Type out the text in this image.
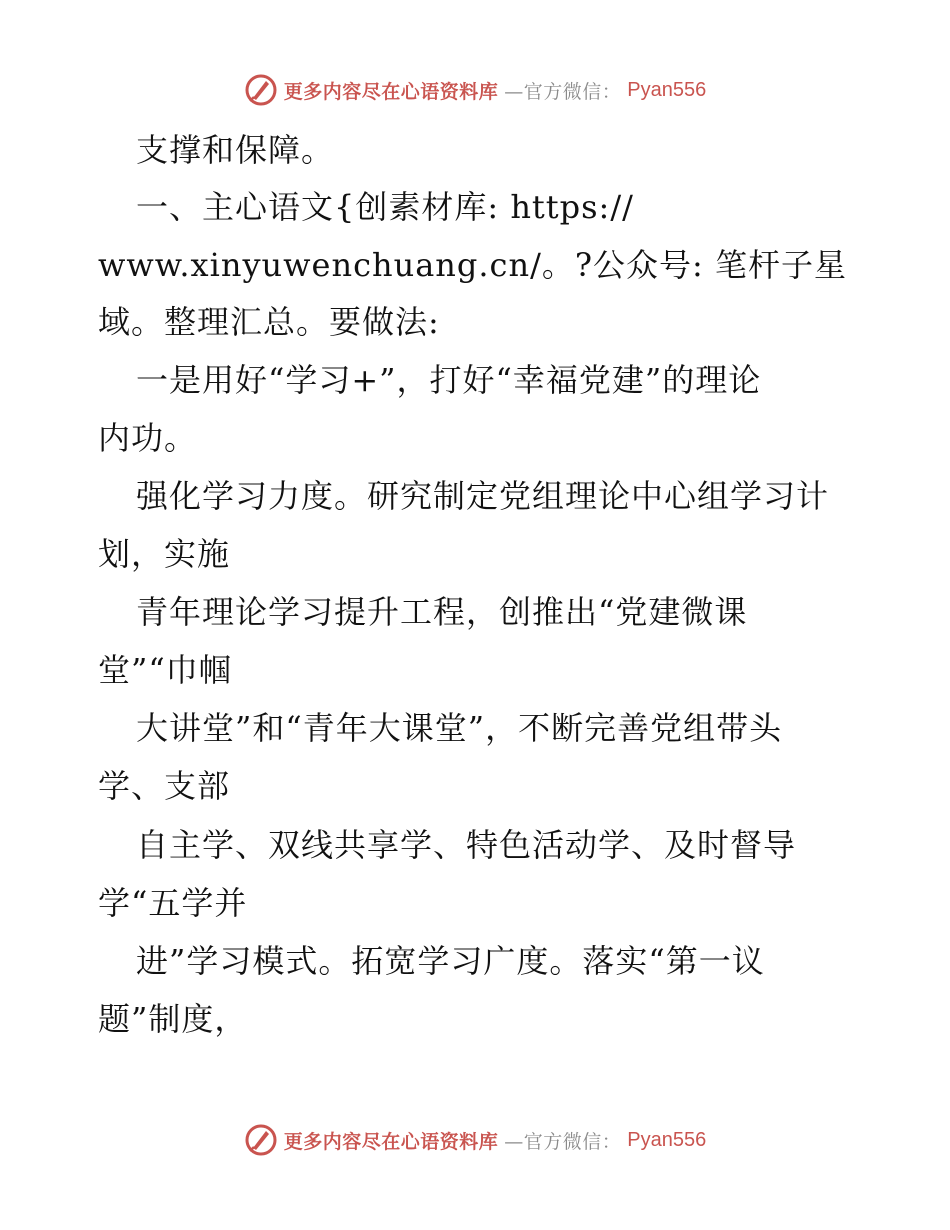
更多内容尽在心语资料库 —官方微信： Pyan556
支撑和保障。
一、主心语文{创素材库: https://
www.xinyuwenchuang.cn/。?公众号: 笔杆子星
域。整理汇总。要做法:
一是用好“学习+”，打好“幸福党建”的理论
内功。
强化学习力度。研究制定党组理论中心组学习计
划，实施
青年理论学习提升工程，创推出“党建微课
堂”“巾帼
大讲堂”和“青年大课堂”，不断完善党组带头
学、支部
自主学、双线共享学、特色活动学、及时督导
学“五学并
进”学习模式。拓宽学习广度。落实“第一议
题”制度，
更多内容尽在心语资料库 —官方微信： Pyan556
